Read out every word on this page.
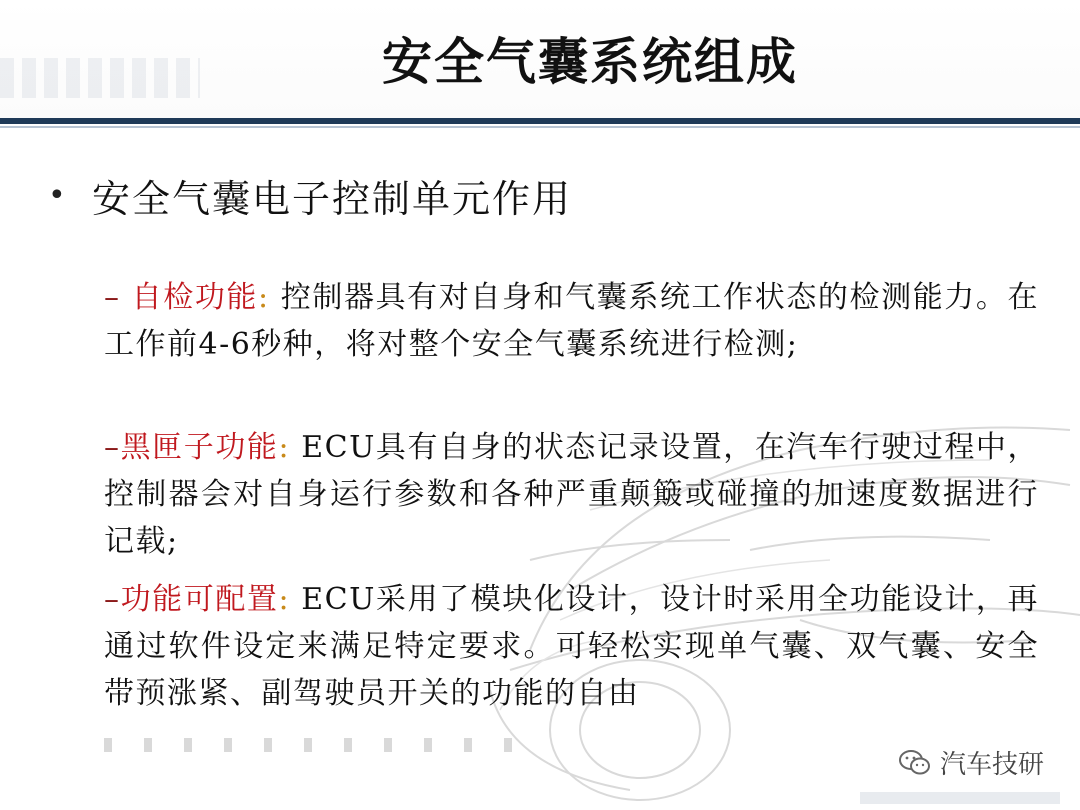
安全气囊系统组成
• 安全气囊电子控制单元作用
– 自检功能: 控制器具有对自身和气囊系统工作状态的检测能力。在工作前4-6秒种，将对整个安全气囊系统进行检测;
–黑匣子功能: ECU具有自身的状态记录设置，在汽车行驶过程中，控制器会对自身运行参数和各种严重颠簸或碰撞的加速度数据进行记载;
–功能可配置: ECU采用了模块化设计，设计时采用全功能设计，再通过软件设定来满足特定要求。可轻松实现单气囊、双气囊、安全带预涨紧、副驾驶员开关的功能的自由
汽车技研
